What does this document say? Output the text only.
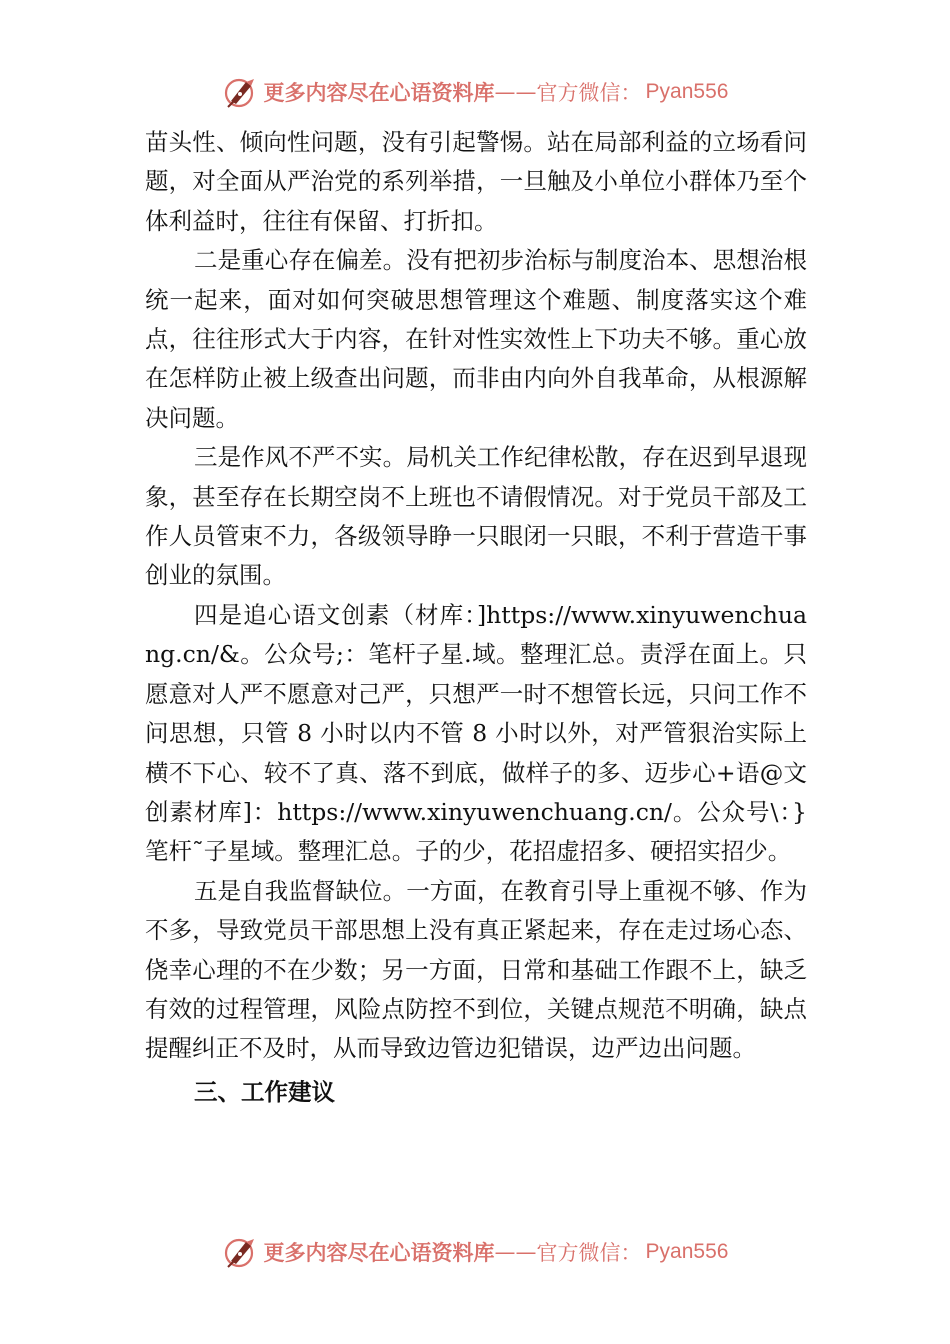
更多内容尽在心语资料库 —— 官方微信： Pyan556

苗头性、倾向性问题，没有引起警惕。站在局部利益的立场看问题，对全面从严治党的系列举措，一旦触及小单位小群体乃至个体利益时，往往有保留、打折扣。

二是重心存在偏差。没有把初步治标与制度治本、思想治根统一起来，面对如何突破思想管理这个难题、制度落实这个难点，往往形式大于内容，在针对性实效性上下功夫不够。重心放在怎样防止被上级查出问题，而非由内向外自我革命，从根源解决问题。

三是作风不严不实。局机关工作纪律松散，存在迟到早退现象，甚至存在长期空岗不上班也不请假情况。对于党员干部及工作人员管束不力，各级领导睁一只眼闭一只眼，不利于营造干事创业的氛围。

四是追心语文创素（材库：]https://www.xinyuwenchuang.cn/&。公众号;：笔杆子星.域。整理汇总。责浮在面上。只愿意对人严不愿意对己严，只想严一时不想管长远，只问工作不问思想，只管 8 小时以内不管 8 小时以外，对严管狠治实际上横不下心、较不了真、落不到底，做样子的多、迈步心+语@文创素材库]：https://www.xinyuwenchuang.cn/。公众号\：}笔杆˜子星域。整理汇总。子的少，花招虚招多、硬招实招少。

五是自我监督缺位。一方面，在教育引导上重视不够、作为不多，导致党员干部思想上没有真正紧起来，存在走过场心态、侥幸心理的不在少数；另一方面，日常和基础工作跟不上，缺乏有效的过程管理，风险点防控不到位，关键点规范不明确，缺点提醒纠正不及时，从而导致边管边犯错误，边严边出问题。

三、工作建议

更多内容尽在心语资料库 —— 官方微信： Pyan556
